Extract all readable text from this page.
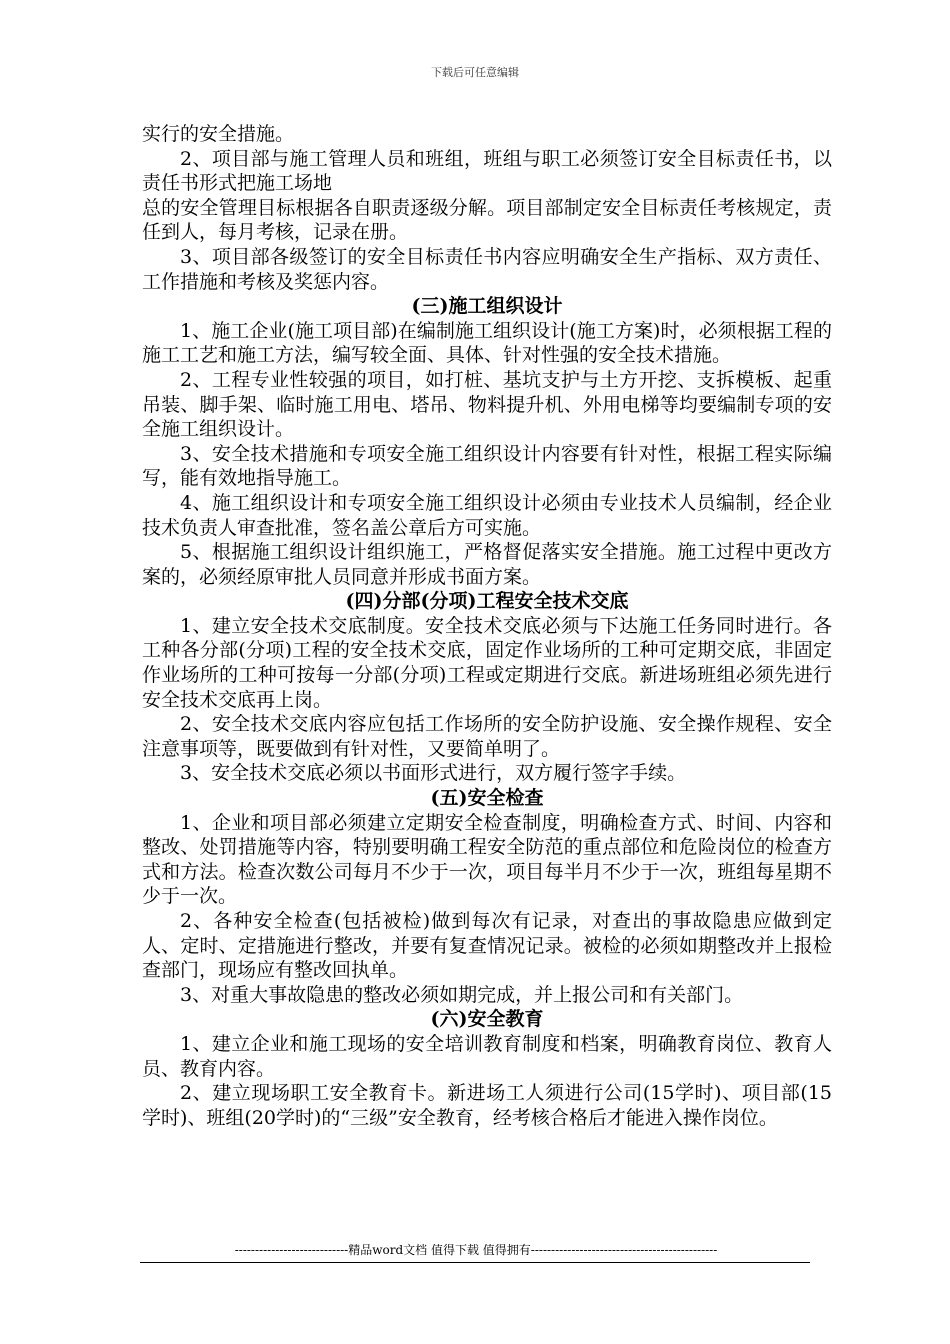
下载后可任意编辑

实行的安全措施。

2、项目部与施工管理人员和班组，班组与职工必须签订安全目标责任书，以责任书形式把施工场地

总的安全管理目标根据各自职责逐级分解。项目部制定安全目标责任考核规定，责任到人，每月考核，记录在册。

3、项目部各级签订的安全目标责任书内容应明确安全生产指标、双方责任、工作措施和考核及奖惩内容。

(三)施工组织设计

1、施工企业(施工项目部)在编制施工组织设计(施工方案)时，必须根据工程的施工工艺和施工方法，编写较全面、具体、针对性强的安全技术措施。

2、工程专业性较强的项目，如打桩、基坑支护与土方开挖、支拆模板、起重吊装、脚手架、临时施工用电、塔吊、物料提升机、外用电梯等均要编制专项的安全施工组织设计。

3、安全技术措施和专项安全施工组织设计内容要有针对性，根据工程实际编写，能有效地指导施工。

4、施工组织设计和专项安全施工组织设计必须由专业技术人员编制，经企业技术负责人审查批准，签名盖公章后方可实施。

5、根据施工组织设计组织施工，严格督促落实安全措施。施工过程中更改方案的，必须经原审批人员同意并形成书面方案。

(四)分部(分项)工程安全技术交底

1、建立安全技术交底制度。安全技术交底必须与下达施工任务同时进行。各工种各分部(分项)工程的安全技术交底，固定作业场所的工种可定期交底，非固定作业场所的工种可按每一分部(分项)工程或定期进行交底。新进场班组必须先进行安全技术交底再上岗。

2、安全技术交底内容应包括工作场所的安全防护设施、安全操作规程、安全注意事项等，既要做到有针对性，又要简单明了。

3、安全技术交底必须以书面形式进行，双方履行签字手续。

(五)安全检查

1、企业和项目部必须建立定期安全检查制度，明确检查方式、时间、内容和整改、处罚措施等内容，特别要明确工程安全防范的重点部位和危险岗位的检查方式和方法。检查次数公司每月不少于一次，项目每半月不少于一次，班组每星期不少于一次。

2、各种安全检查(包括被检)做到每次有记录，对查出的事故隐患应做到定人、定时、定措施进行整改，并要有复查情况记录。被检的必须如期整改并上报检查部门，现场应有整改回执单。

3、对重大事故隐患的整改必须如期完成，并上报公司和有关部门。

(六)安全教育

1、建立企业和施工现场的安全培训教育制度和档案，明确教育岗位、教育人员、教育内容。

2、建立现场职工安全教育卡。新进场工人须进行公司(15学时)、项目部(15学时)、班组(20学时)的“三级”安全教育，经考核合格后才能进入操作岗位。

----------------------------精品word文档 值得下载 值得拥有----------------------------------------------
